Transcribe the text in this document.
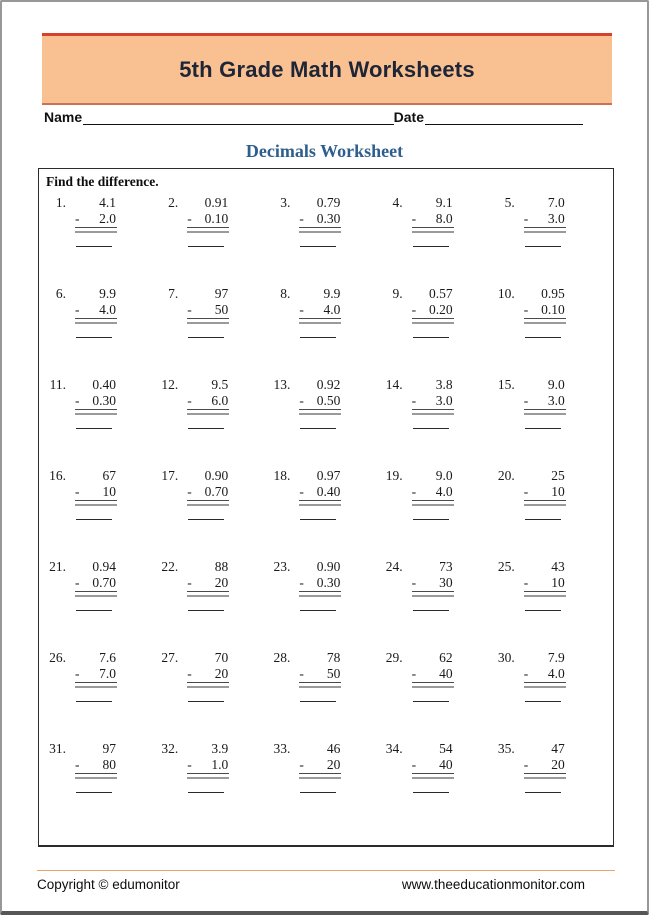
5th Grade Math Worksheets
Name	Date
Decimals Worksheet
Find the difference.
1.	4.1
- 2.0
2.	0.91
- 0.10
3.	0.79
- 0.30
4.	9.1
- 8.0
5.	7.0
- 3.0
6.	9.9
- 4.0
7.	97
- 50
8.	9.9
- 4.0
9.	0.57
- 0.20
10.	0.95
- 0.10
11.	0.40
- 0.30
12.	9.5
- 6.0
13.	0.92
- 0.50
14.	3.8
- 3.0
15.	9.0
- 3.0
16.	67
- 10
17.	0.90
- 0.70
18.	0.97
- 0.40
19.	9.0
- 4.0
20.	25
- 10
21.	0.94
- 0.70
22.	88
- 20
23.	0.90
- 0.30
24.	73
- 30
25.	43
- 10
26.	7.6
- 7.0
27.	70
- 20
28.	78
- 50
29.	62
- 40
30.	7.9
- 4.0
31.	97
- 80
32.	3.9
- 1.0
33.	46
- 20
34.	54
- 40
35.	47
- 20
Copyright © edumonitor	www.theeducationmonitor.com
